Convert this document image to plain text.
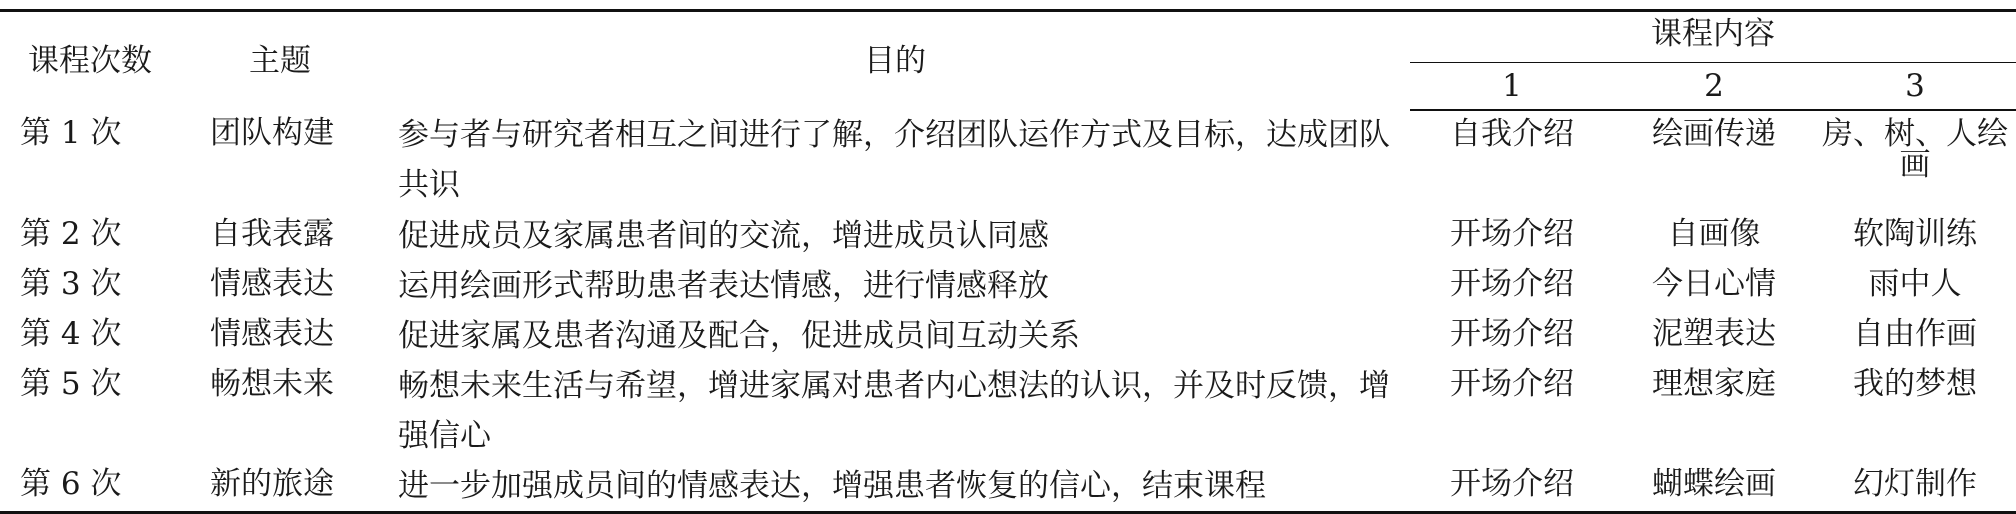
课程次数	主题	目的	课程内容		
			1	2	3

第 1 次	团队构建	参与者与研究者相互之间进行了解，介绍团队运作方式及目标，达成团队共识	自我介绍	绘画传递	房、树、人绘画

第 2 次	自我表露	促进成员及家属患者间的交流，增进成员认同感	开场介绍	自画像	软陶训练

第 3 次	情感表达	运用绘画形式帮助患者表达情感，进行情感释放	开场介绍	今日心情	雨中人

第 4 次	情感表达	促进家属及患者沟通及配合，促进成员间互动关系	开场介绍	泥塑表达	自由作画

第 5 次	畅想未来	畅想未来生活与希望，增进家属对患者内心想法的认识，并及时反馈，增强信心	开场介绍	理想家庭	我的梦想

第 6 次	新的旅途	进一步加强成员间的情感表达，增强患者恢复的信心，结束课程	开场介绍	蝴蝶绘画	幻灯制作
